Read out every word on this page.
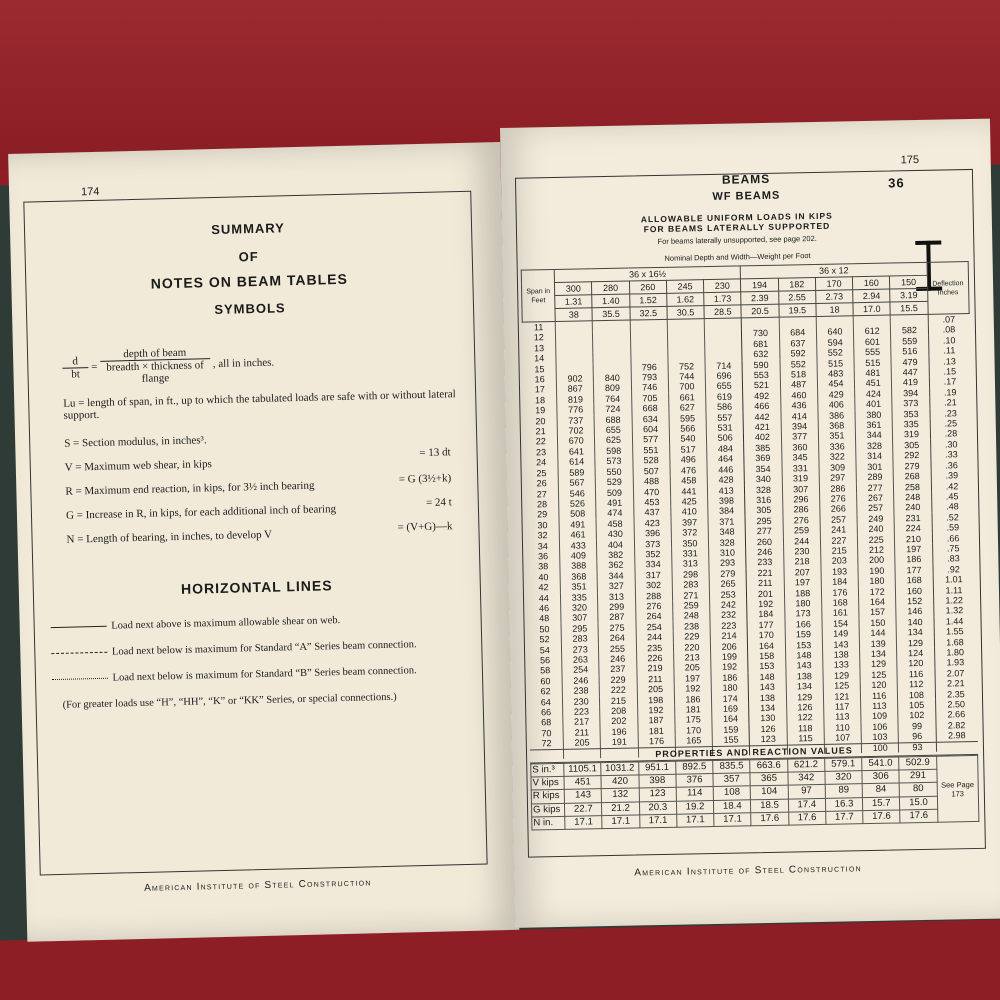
174
SUMMARY
OF
NOTES ON BEAM TABLES
SYMBOLS
$\frac{d}{bt}$ =
depth of beam
breadth × thickness of flange
, all in inches.
Lu = length of span, in ft., up to which the tabulated loads are safe with or without lateral support.
S = Section modulus, in inches³.
V = Maximum web shear, in kips
= 13 dt
R = Maximum end reaction, in kips, for 3½ inch bearing
= G (3½+k)
G = Increase in R, in kips, for each additional inch of bearing
= 24 t
N = Length of bearing, in inches, to develop V
= (V+G)—k
HORIZONTAL LINES
Load next above is maximum allowable shear on web.
Load next below is maximum for Standard “A” Series beam connection.
Load next below is maximum for Standard “B” Series beam connection.
(For greater loads use “H”, “HH”, “K” or “KK” Series, or special connections.)
American Institute of Steel Construction
175
BEAMS
WF BEAMS
36
ALLOWABLE UNIFORM LOADS IN KIPS
FOR BEAMS LATERALLY SUPPORTED
For beams laterally unsupported, see page 202.
Nominal Depth and Width—Weight per Foot
Span in Feet	36 x 16½					36 x 12					Deflection Inches
	300	280	260	245	230	194	182	170	160	150	
	1.31	1.40	1.52	1.62	1.73	2.39	2.55	2.73	2.94	3.19	
	38	35.5	32.5	30.5	28.5	20.5	19.5	18	17.0	15.5	
11											.07
12						730	684	640	612	582	.08
13						681	637	594	601	559	.10
14						632	592	552	555	516	.11
15			796	752	714	590	552	515	515	479	.13
16	902	840	793	744	696	553	518	483	481	447	.15
17	867	809	746	700	655	521	487	454	451	419	.17
18	819	764	705	661	619	492	460	429	424	394	.19
19	776	724	668	627	586	466	436	406	401	373	.21
20	737	688	634	595	557	442	414	386	380	353	.23
21	702	655	604	566	531	421	394	368	361	335	.25
22	670	625	577	540	506	402	377	351	344	319	.28
23	641	598	551	517	484	385	360	336	328	305	.30
24	614	573	528	496	464	369	345	322	314	292	.33
25	589	550	507	476	446	354	331	309	301	279	.36
26	567	529	488	458	428	340	319	297	289	268	.39
27	546	509	470	441	413	328	307	286	277	258	.42
28	526	491	453	425	398	316	296	276	267	248	.45
29	508	474	437	410	384	305	286	266	257	240	.48
30	491	458	423	397	371	295	276	257	249	231	.52
32	461	430	396	372	348	277	259	241	240	224	.59
34	433	404	373	350	328	260	244	227	225	210	.66
36	409	382	352	331	310	246	230	215	212	197	.75
38	388	362	334	313	293	233	218	203	200	186	.83
40	368	344	317	298	279	221	207	193	190	177	.92
42	351	327	302	283	265	211	197	184	180	168	1.01
44	335	313	288	271	253	201	188	176	172	160	1.11
46	320	299	276	259	242	192	180	168	164	152	1.22
48	307	287	264	248	232	184	173	161	157	146	1.32
50	295	275	254	238	223	177	166	154	150	140	1.44
52	283	264	244	229	214	170	159	149	144	134	1.55
54	273	255	235	220	206	164	153	143	139	129	1.68
56	263	246	226	213	199	158	148	138	134	124	1.80
58	254	237	219	205	192	153	143	133	129	120	1.93
60	246	229	211	197	186	148	138	129	125	116	2.07
62	238	222	205	192	180	143	134	125	120	112	2.21
64	230	215	198	186	174	138	129	121	116	108	2.35
66	223	208	192	181	169	134	126	117	113	105	2.50
68	217	202	187	175	164	130	122	113	109	102	2.66
70	211	196	181	170	159	126	118	110	106	99	2.82
72	205	191	176	165	155	123	115	107	103	96	2.98
									100	93	
PROPERTIES AND REACTION VALUES
S in.³	1105.1	1031.2	951.1	892.5	835.5	663.6	621.2	579.1	541.0	502.9	See Page 173
V kips	451	420	398	376	357	365	342	320	306	291	
R kips	143	132	123	114	108	104	97	89	84	80	
G kips	22.7	21.2	20.3	19.2	18.4	18.5	17.4	16.3	15.7	15.0	
N in.	17.1	17.1	17.1	17.1	17.1	17.6	17.6	17.7	17.6	17.6	
American Institute of Steel Construction
